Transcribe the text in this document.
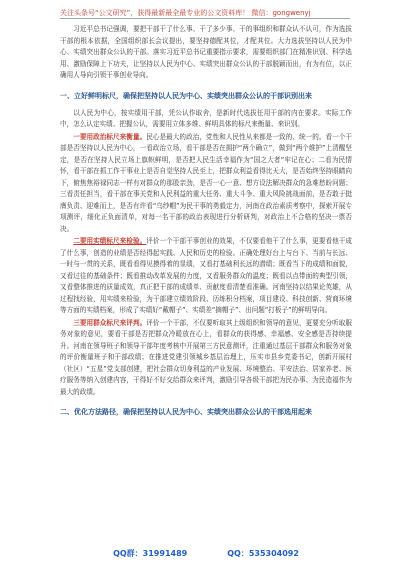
关注头条号“公文研究”，获得最新最全最专业的公文资料库！ 微信：gongwenyj

习近平总书记强调，要把干部干了什么事、干了多少事、干的事组织和群众认不认可，作为选拔干部的根本依据，全国组织部长会议提出，要坚持德配其位，才配其位。大力选拔坚持以人民为中心、实绩突出群众公认的干部。落实习近平总书记重要指示要求，需要组织部门在精准识别、科学选用、激励保障上下功夫，让坚持以人民为中心、实绩突出群众公认的干部脱颖而出，有为有位，以正确用人导向引领干事创业导向。

一、立好鲜明标尺，确保把坚持以人民为中心、实绩突出群众公认的干部识别出来

以人民为中心，按实绩用干部，凭公认作取舍，是新时代选拔任用干部的内在要求。实际工作中，怎么认定实绩、把握公认，需要用立体多维、鲜明具体的标尺来衡量、来识别。

一要用政治标尺来衡量。民心是最大的政治，党性和人民性从来都是一致的、统一的。看一个干部是否坚持以人民为中心，一看政治立场，看干部是否在拥护“两个确立”，做到“两个维护”上清醒坚定，是否在坚持人民立场上旗帜鲜明，是否把人民生活幸福作为“国之大者”牢记在心；二看为民情怀，看干部在抓工作干事业上是否自觉坚持人民至上，把群众利益看得比天大，是否始终坚持眼睛向下，俯焦焦裕禄同志一样有对群众的那股亲劲，是否一心一意、想方设法解决群众的急难愁盼问题；三看责任担当，看干部在事关党和人民利益的重大任务、重大斗争、重大风险挑战面前，是否敢于挺膺负责、迎难而上，是否有许看“乌纱帽”为民干事的勇毅定力，河南在政治素质考察中，探索开展专项测评，细化正负面清单，对每一名干部的政治表现进行分析研判，对政治上不合格的坚决一票否决。

二要用实绩标尺来检验。评价一个干部干事创业的效果，不仅要看他干了什么事，更要看他干成了什么事，创造的业绩是否经得起实践、人民和历史的检验。正确处理好台上与台下、当前与长远、一时与一贯的关系，既看看得见摸得着的显绩，又看打基础利长远的潜绩；既看当下的成绩和面貌，又看过往的基础条件；既看推动改革发展的力度，又看服务群众的温度；既看以点带面的典型引领，又看整体推进的质量成效，真正把干部的成绩单、贡献度看清楚看准确。河南坚持以结果论英雄，从过程找经验，用实绩来检验，为干部建立绩效阶段、历练积分档案，项目建设、科技创新、营商环境等方面的实绩档案，形成了实绩好“戴帽子”、实绩差“摘帽子”、出问题“打板子”的鲜明导向。

三要用群众标尺来评判。评价一个干部，不仅要听取其上级组织和领导的意见，更要充分听取服务对象的意见，要看干部是否把群众冷暖放在心上，看群众的获得感、幸福感、安全感是否持续提升。河南在领导班子和领导干部年度考核中开展第三方民意测评，注重通过基层干部群众和服务对象的评价衡量班子和干部政绩；在推进党建引领城乡基层治理上，压实市县乡党委书记，创新开展村（社区）“五星”党支部创建，把社会群众切身利益的产业发展、环境整治、平安法治、居家养老、医疗服务等纳入创建内容，干得好不好交给群众来评判，激励引导各级干部把为民办事、为民造福作为最大的政绩。

二、优化方法路径，确保把坚持以人民为中心、实绩突出群众公认的干部选用起来

QQ群：31991489	QQ：535304092
